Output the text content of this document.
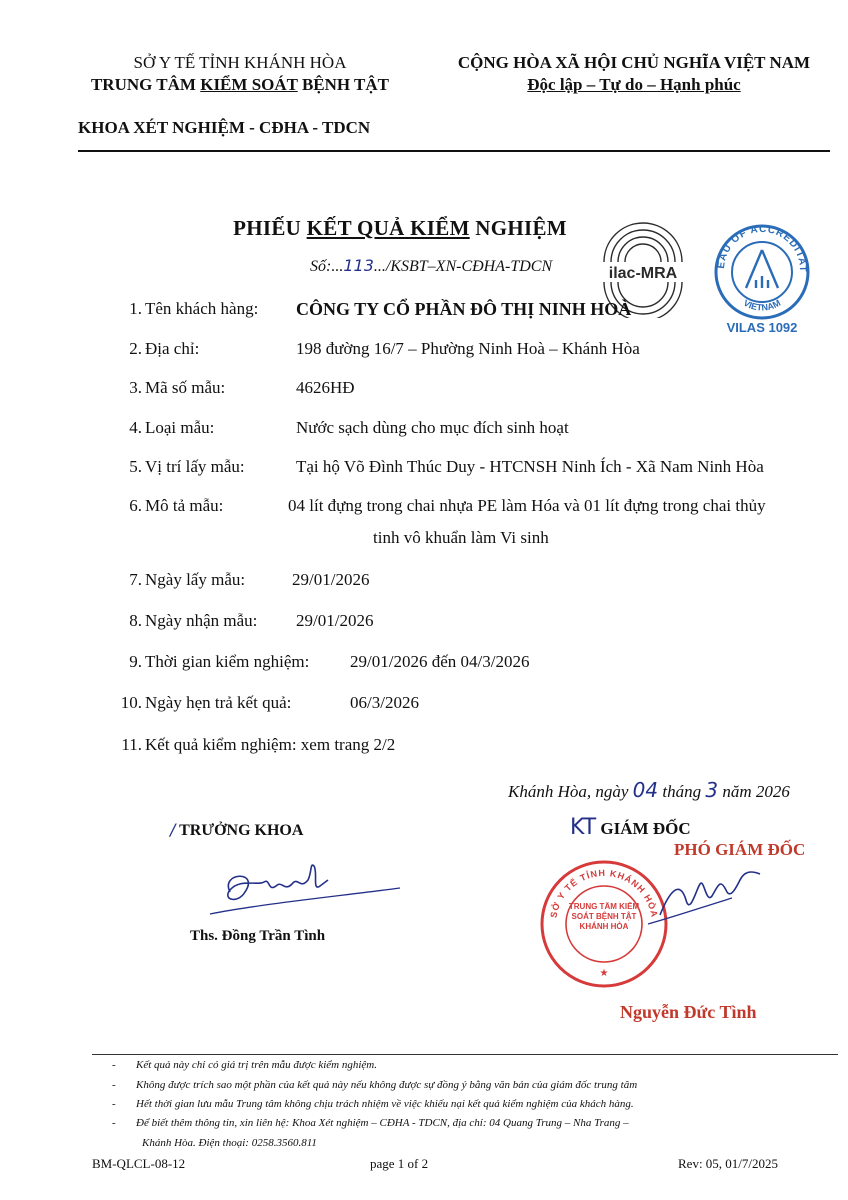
SỞ Y TẾ TỈNH KHÁNH HÒA
TRUNG TÂM KIỂM SOÁT BỆNH TẬT
CỘNG HÒA XÃ HỘI CHỦ NGHĨA VIỆT NAM
Độc lập – Tự do – Hạnh phúc
KHOA XÉT NGHIỆM - CĐHA - TDCN
PHIẾU KẾT QUẢ KIỂM NGHIỆM
Số:...113.../KSBT–XN-CĐHA-TDCN	ilac-MRA
EAU OF ACCREDITAT
VIETNAM
VILAS 1092
1. Tên khách hàng: CÔNG TY CỔ PHẦN ĐÔ THỊ NINH HOÀ
2. Địa chỉ:	198 đường 16/7 – Phường Ninh Hoà – Khánh Hòa
3. Mã số mẫu:	4626HĐ
4. Loại mẫu:	Nước sạch dùng cho mục đích sinh hoạt
5. Vị trí lấy mẫu:	Tại hộ Võ Đình Thúc Duy - HTCNSH Ninh Ích - Xã Nam Ninh Hòa
6. Mô tả mẫu:	04 lít đựng trong chai nhựa PE làm Hóa và 01 lít đựng trong chai thủy
tinh vô khuẩn làm Vi sinh
7. Ngày lấy mẫu:	29/01/2026
8. Ngày nhận mẫu: 29/01/2026
9. Thời gian kiểm nghiệm: 29/01/2026 đến 04/3/2026
10. Ngày hẹn trả kết quả:	06/3/2026
11. Kết quả kiểm nghiệm: xem trang 2/2
Khánh Hòa, ngày 04 tháng 3 năm 2026
/ TRƯỞNG KHOA
Ths. Đồng Trần Tình
KT GIÁM ĐỐC
PHÓ GIÁM ĐỐC
SỞ Y TẾ TỈNH KHÁNH HÒA
TRUNG TÂM KIỂM SOÁT BỆNH TẬT KHÁNH HÒA
★
Nguyễn Đức Tình
- Kết quả này chỉ có giá trị trên mẫu được kiểm nghiệm.
- Không được trích sao một phần của kết quả này nếu không được sự đồng ý bằng văn bản của giám đốc trung tâm
- Hết thời gian lưu mẫu Trung tâm không chịu trách nhiệm về việc khiếu nại kết quả kiểm nghiệm của khách hàng.
- Để biết thêm thông tin, xin liên hệ: Khoa Xét nghiệm – CĐHA - TDCN, địa chỉ: 04 Quang Trung – Nha Trang –
Khánh Hòa. Điện thoại: 0258.3560.811
BM-QLCL-08-12	page 1 of 2	Rev: 05, 01/7/2025
